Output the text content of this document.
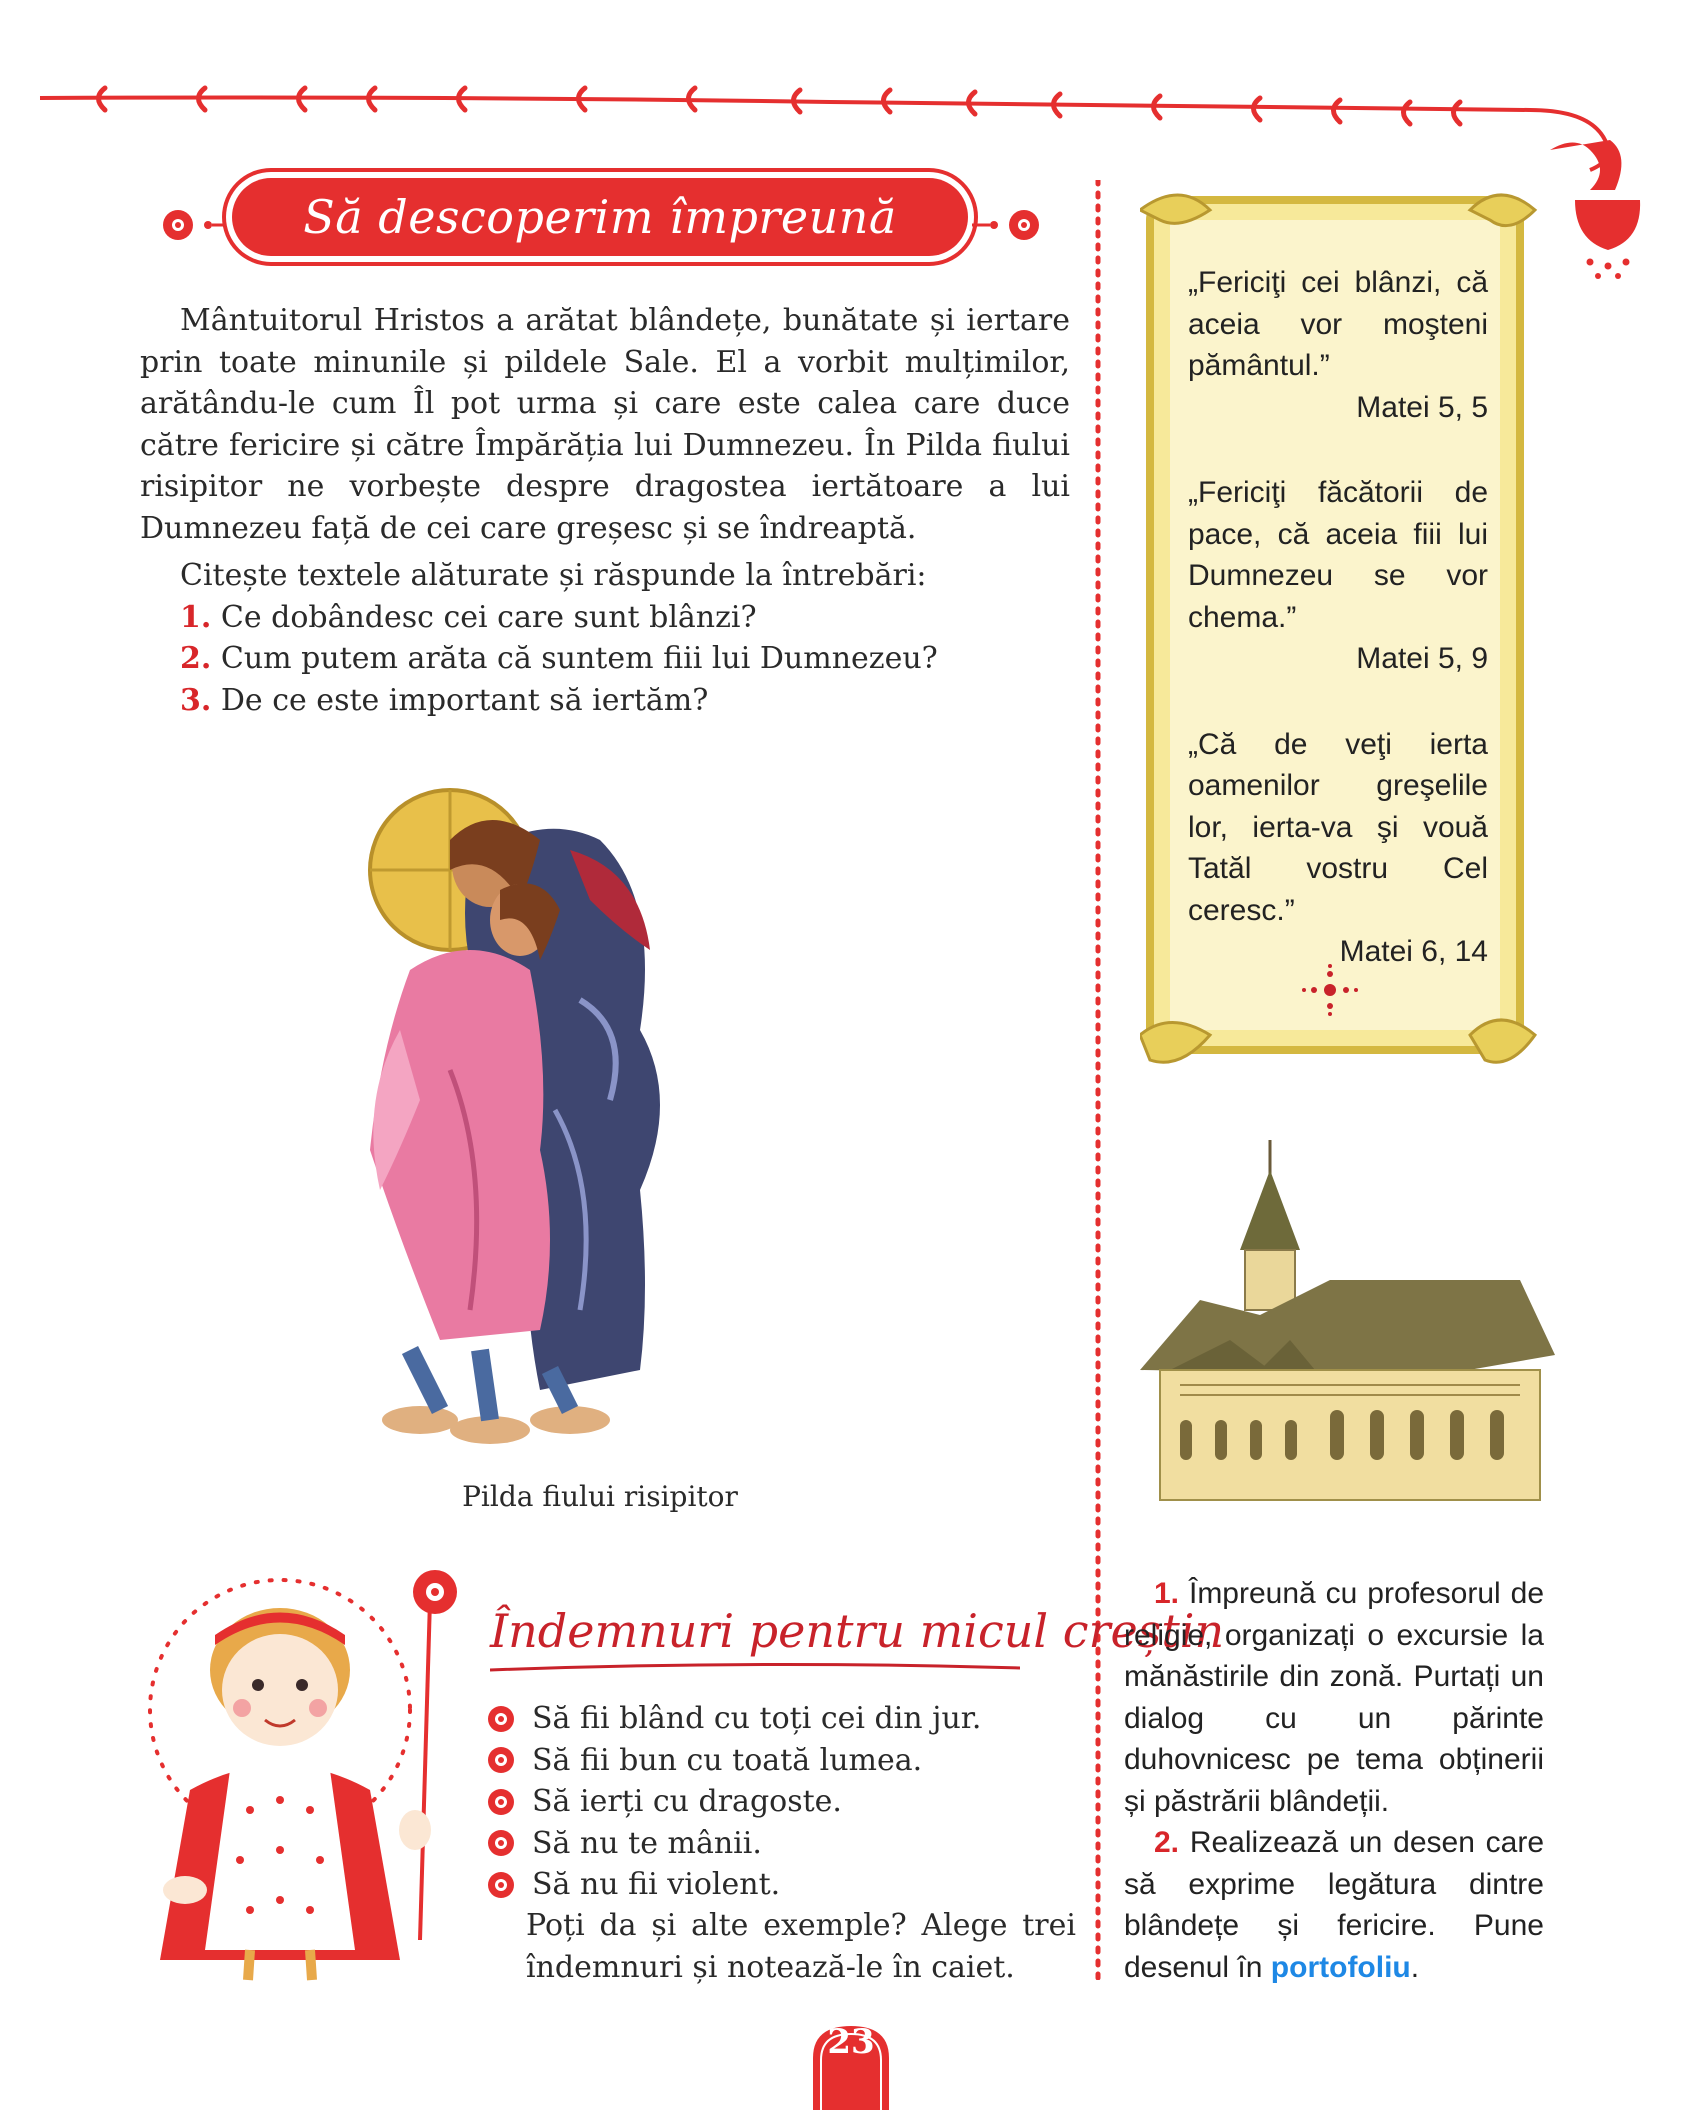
Să descoperim împreună

Mântuitorul Hristos a arătat blândețe, bunătate și iertare prin toate minunile și pildele Sale. El a vorbit mulțimilor, arătându-le cum Îl pot urma și care este calea care duce către fericire și către Împărăția lui Dumnezeu. În Pilda fiului risipitor ne vorbește despre dragostea iertătoare a lui Dumnezeu față de cei care greșesc și se îndreaptă.

Citește textele alăturate și răspunde la întrebări:
1. Ce dobândesc cei care sunt blânzi?
2. Cum putem arăta că suntem fiii lui Dumnezeu?
3. De ce este important să iertăm?
Pilda fiului risipitor
„Fericiţi cei blânzi, că aceia vor moşteni pământul.”
Matei 5, 5
„Fericiţi făcătorii de pace, că aceia fiii lui Dumnezeu se vor chema.”
Matei 5, 9
„Că de veţi ierta oamenilor greşelile lor, ierta-va şi vouă Tatăl vostru Cel ceresc.”
Matei 6, 14
Îndemnuri pentru micul creștin
Să fii blând cu toți cei din jur.
Să fii bun cu toată lumea.
Să ierți cu dragoste.
Să nu te mânii.
Să nu fii violent.
Poți da și alte exemple? Alege trei îndemnuri și notează-le în caiet.
1. Împreună cu profesorul de religie, organizați o excursie la mănăstirile din zonă. Purtați un dialog cu un părinte duhovnicesc pe tema obținerii și păstrării blândeții.
2. Realizează un desen care să exprime legătura dintre blândețe și fericire. Pune desenul în portofoliu.
23
